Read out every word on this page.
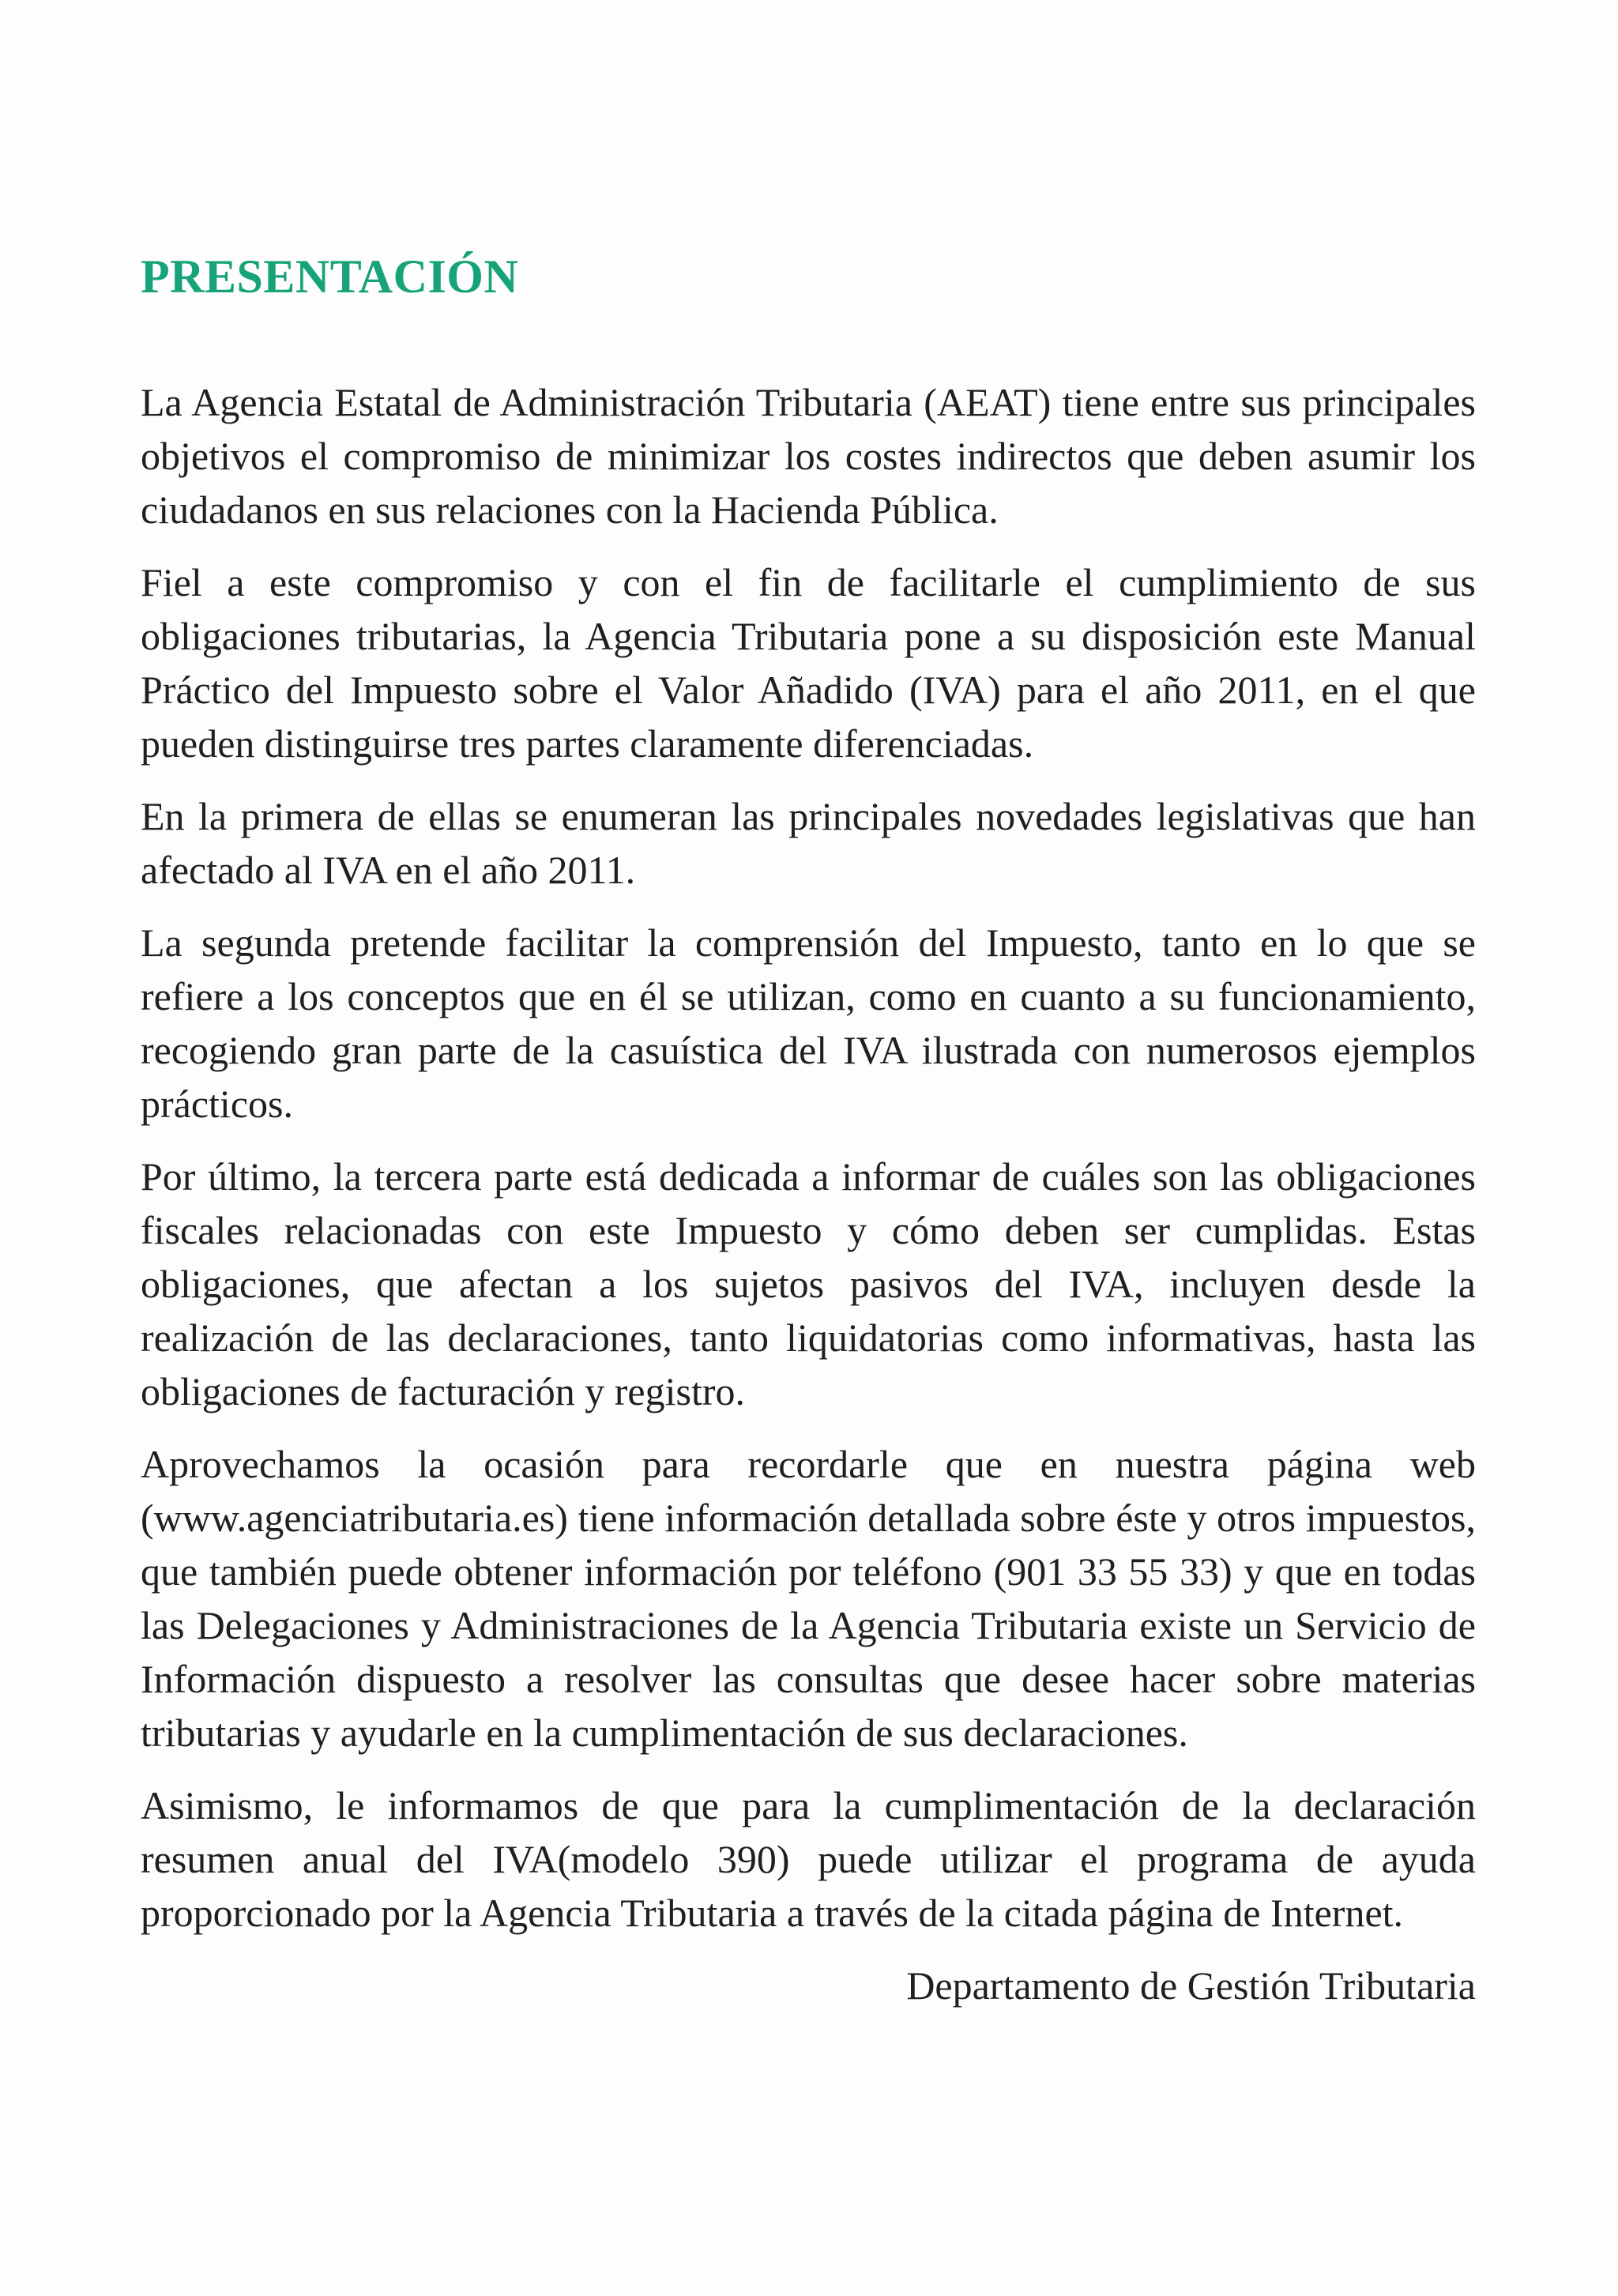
PRESENTACIÓN

La Agencia Estatal de Administración Tributaria (AEAT) tiene entre sus principales objetivos el compromiso de minimizar los costes indirectos que deben asumir los ciudadanos en sus relaciones con la Hacienda Pública.

Fiel a este compromiso y con el fin de facilitarle el cumplimiento de sus obligaciones tributarias, la Agencia Tributaria pone a su disposición este Manual Práctico del Impuesto sobre el Valor Añadido (IVA) para el año 2011, en el que pueden distinguirse tres partes claramente diferenciadas.

En la primera de ellas se enumeran las principales novedades legislativas que han afectado al IVA en el año 2011.

La segunda pretende facilitar la comprensión del Impuesto, tanto en lo que se refiere a los conceptos que en él se utilizan, como en cuanto a su funcionamiento, recogiendo gran parte de la casuística del IVA ilustrada con numerosos ejemplos prácticos.

Por último, la tercera parte está dedicada a informar de cuáles son las obligaciones fiscales relacionadas con este Impuesto y cómo deben ser cumplidas. Estas obligaciones, que afectan a los sujetos pasivos del IVA, incluyen desde la realización de las declaraciones, tanto liquidatorias como informativas, hasta las obligaciones de facturación y registro.

Aprovechamos la ocasión para recordarle que en nuestra página web (www.agenciatributaria.es) tiene información detallada sobre éste y otros impuestos, que también puede obtener información por teléfono (901 33 55 33) y que en todas las Delegaciones y Administraciones de la Agencia Tributaria existe un Servicio de Información dispuesto a resolver las consultas que desee hacer sobre materias tributarias y ayudarle en la cumplimentación de sus declaraciones.

Asimismo, le informamos de que para la cumplimentación de la declaración resumen anual del IVA(modelo 390) puede utilizar el programa de ayuda proporcionado por la Agencia Tributaria a través de la citada página de Internet.

Departamento de Gestión Tributaria
